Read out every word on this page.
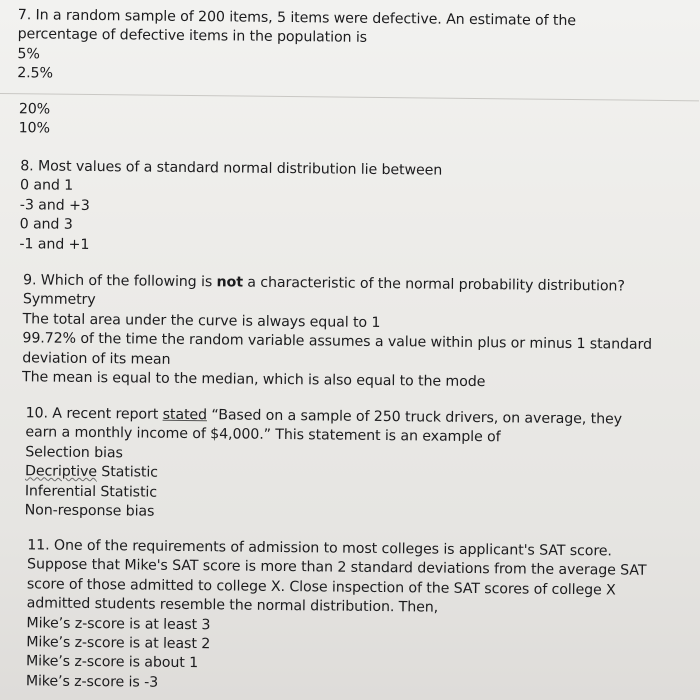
7. In a random sample of 200 items, 5 items were defective. An estimate of the
percentage of defective items in the population is
5%
2.5%
20%
10%
8. Most values of a standard normal distribution lie between
0 and 1
-3 and +3
0 and 3
-1 and +1
9. Which of the following is not a characteristic of the normal probability distribution?
Symmetry
The total area under the curve is always equal to 1
99.72% of the time the random variable assumes a value within plus or minus 1 standard
deviation of its mean
The mean is equal to the median, which is also equal to the mode
10. A recent report stated “Based on a sample of 250 truck drivers, on average, they
earn a monthly income of $4,000.” This statement is an example of
Selection bias
Decriptive Statistic
Inferential Statistic
Non-response bias
11. One of the requirements of admission to most colleges is applicant's SAT score.
Suppose that Mike's SAT score is more than 2 standard deviations from the average SAT
score of those admitted to college X. Close inspection of the SAT scores of college X
admitted students resemble the normal distribution. Then,
Mike’s z-score is at least 3
Mike’s z-score is at least 2
Mike’s z-score is about 1
Mike’s z-score is -3
